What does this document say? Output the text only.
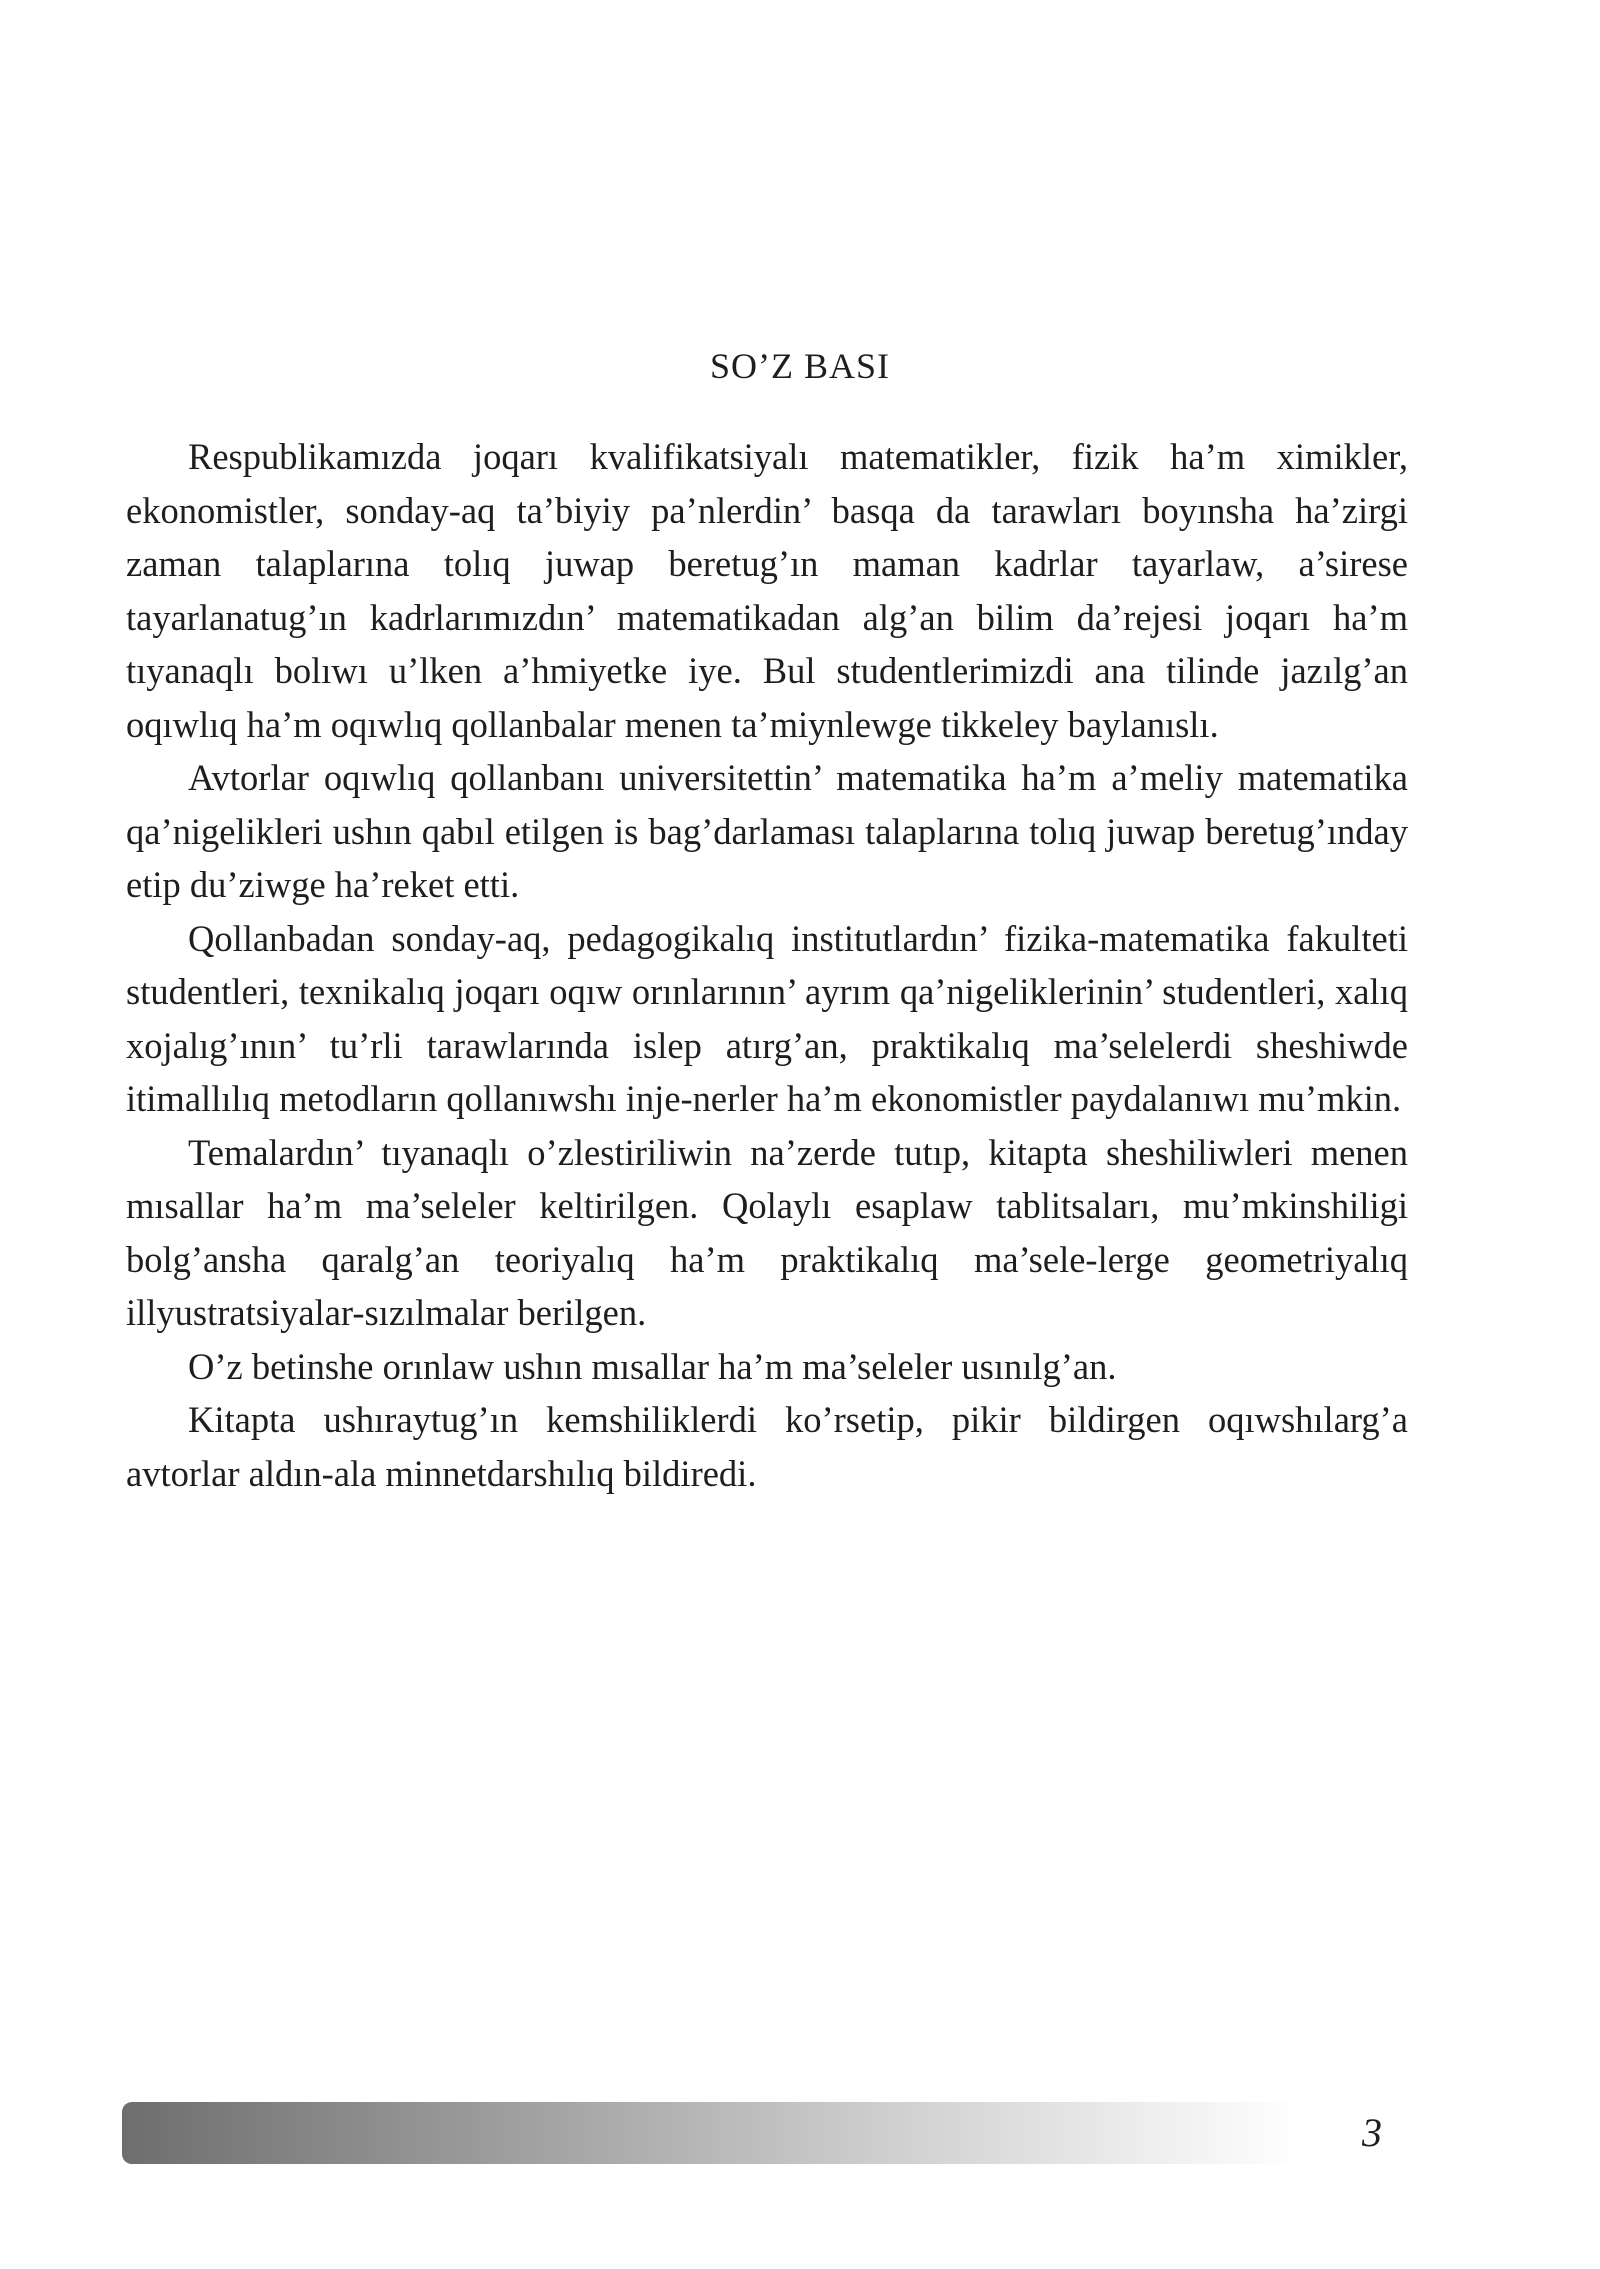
SO’Z BASI

Respublikamızda joqarı kvalifikatsiyalı matematikler, fizik ha’m ximikler, ekonomistler, sonday-aq ta’biyiy pa’nlerdin’ basqa da tarawları boyınsha ha’zirgi zaman talaplarına tolıq juwap beretug’ın maman kadrlar tayarlaw, a’sirese tayarlanatug’ın kadrlarımızdın’ matematikadan alg’an bilim da’rejesi joqarı ha’m tıyanaqlı bolıwı u’lken a’hmiyetke iye. Bul studentlerimizdi ana tilinde jazılg’an oqıwlıq ha’m oqıwlıq qollanbalar menen ta’miynlewge tikkeley baylanıslı.

Avtorlar oqıwlıq qollanbanı universitettin’ matematika ha’m a’meliy matematika qa’nigelikleri ushın qabıl etilgen is bag’darlaması talaplarına tolıq juwap beretug’ınday etip du’ziwge ha’reket etti.

Qollanbadan sonday-aq, pedagogikalıq institutlardın’ fizika-matematika fakulteti studentleri, texnikalıq joqarı oqıw orınlarının’ ayrım qa’nigeliklerinin’ studentleri, xalıq xojalıg’ının’ tu’rli tarawlarında islep atırg’an, praktikalıq ma’selelerdi sheshiwde itimallılıq metodların qollanıwshı inje-nerler ha’m ekonomistler paydalanıwı mu’mkin.

Temalardın’ tıyanaqlı o’zlestiriliwin na’zerde tutıp, kitapta sheshiliwleri menen mısallar ha’m ma’seleler keltirilgen. Qolaylı esaplaw tablitsaları, mu’mkinshiligi bolg’ansha qaralg’an teoriyalıq ha’m praktikalıq ma’sele-lerge geometriyalıq illyustratsiyalar-sızılmalar berilgen.

O’z betinshe orınlaw ushın mısallar ha’m ma’seleler usınılg’an.

Kitapta ushıraytug’ın kemshiliklerdi ko’rsetip, pikir bildirgen oqıwshılarg’a avtorlar aldın-ala minnetdarshılıq bildiredi.

3
